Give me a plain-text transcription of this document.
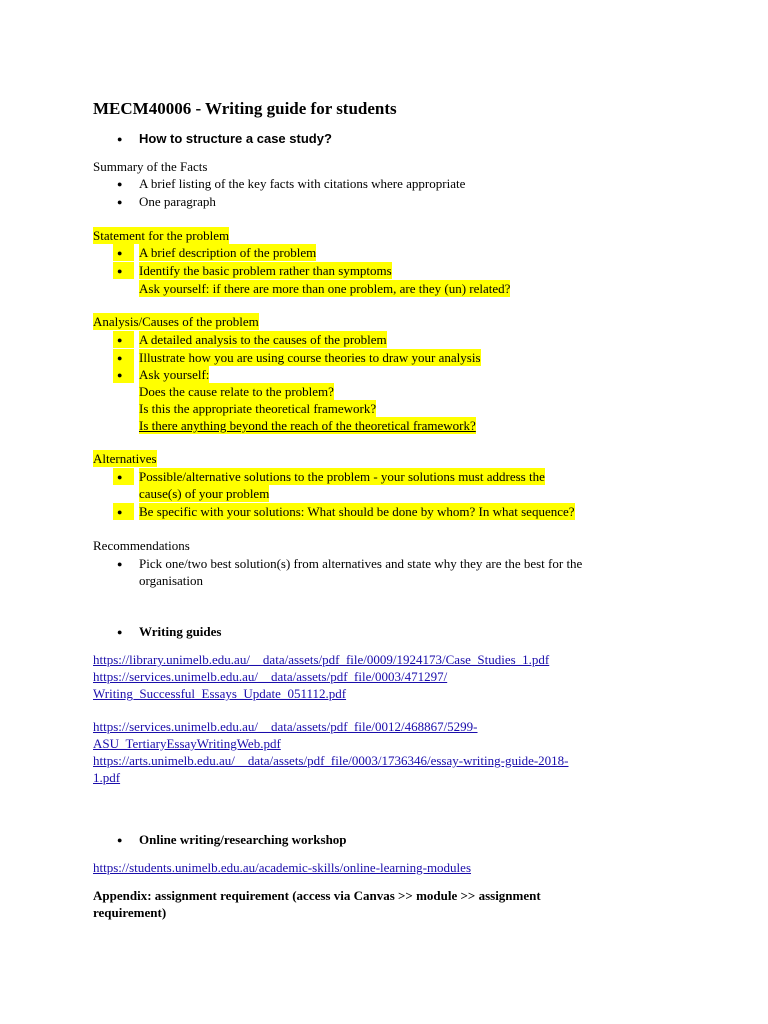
MECM40006 - Writing guide for students
● How to structure a case study?
Summary of the Facts
● A brief listing of the key facts with citations where appropriate
● One paragraph
Statement for the problem
● A brief description of the problem
● Identify the basic problem rather than symptoms
Ask yourself: if there are more than one problem, are they (un) related?
Analysis/Causes of the problem
● A detailed analysis to the causes of the problem
● Illustrate how you are using course theories to draw your analysis
● Ask yourself:
Does the cause relate to the problem?
Is this the appropriate theoretical framework?
Is there anything beyond the reach of the theoretical framework?
Alternatives
● Possible/alternative solutions to the problem - your solutions must address the
cause(s) of your problem
● Be specific with your solutions: What should be done by whom? In what sequence?
Recommendations
● Pick one/two best solution(s) from alternatives and state why they are the best for the
organisation
● Writing guides
https://library.unimelb.edu.au/__data/assets/pdf_file/0009/1924173/Case_Studies_1.pdf
https://services.unimelb.edu.au/__data/assets/pdf_file/0003/471297/
Writing_Successful_Essays_Update_051112.pdf
https://services.unimelb.edu.au/__data/assets/pdf_file/0012/468867/5299-
ASU_TertiaryEssayWritingWeb.pdf
https://arts.unimelb.edu.au/__data/assets/pdf_file/0003/1736346/essay-writing-guide-2018-
1.pdf
● Online writing/researching workshop
https://students.unimelb.edu.au/academic-skills/online-learning-modules
Appendix: assignment requirement (access via Canvas >> module >> assignment
requirement)
